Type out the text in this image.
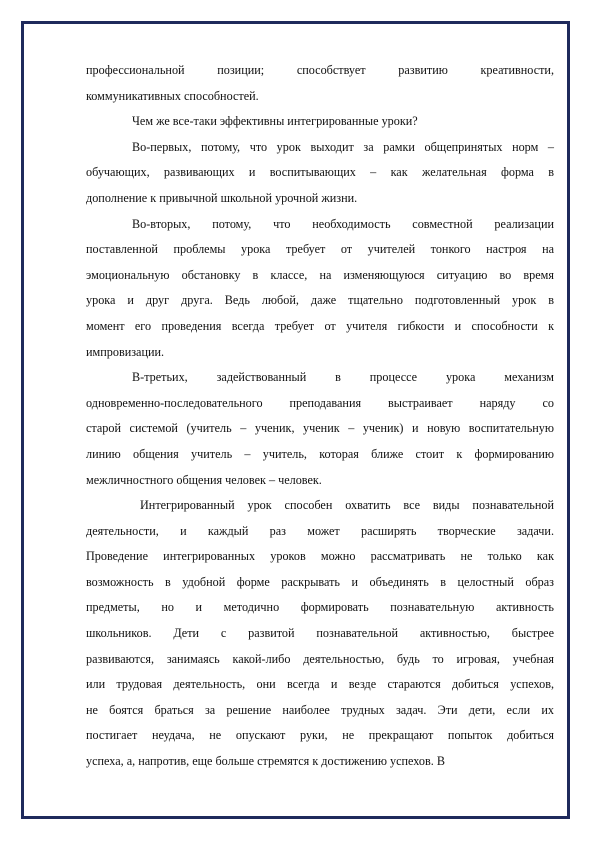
профессиональной позиции; способствует развитию креативности,
коммуникативных способностей.
Чем же все-таки эффективны интегрированные уроки?
Во-первых, потому, что урок выходит за рамки общепринятых норм –
обучающих, развивающих и воспитывающих – как желательная форма в
дополнение к привычной школьной урочной жизни.
Во-вторых, потому, что необходимость совместной реализации
поставленной проблемы урока требует от учителей тонкого настроя на
эмоциональную обстановку в классе, на изменяющуюся ситуацию во время
урока и друг друга. Ведь любой, даже тщательно подготовленный урок в
момент его проведения всегда требует от учителя гибкости и способности к
импровизации.
В-третьих, задействованный в процессе урока механизм
одновременно-последовательного преподавания выстраивает наряду со
старой системой (учитель – ученик, ученик – ученик) и новую воспитательную
линию общения учитель – учитель, которая ближе стоит к формированию
межличностного общения человек – человек.
Интегрированный урок способен охватить все виды познавательной
деятельности, и каждый раз может расширять творческие задачи.
Проведение интегрированных уроков можно рассматривать не только как
возможность в удобной форме раскрывать и объединять в целостный образ
предметы, но и методично формировать познавательную активность
школьников. Дети с развитой познавательной активностью, быстрее
развиваются, занимаясь какой-либо деятельностью, будь то игровая, учебная
или трудовая деятельность, они всегда и везде стараются добиться успехов,
не боятся браться за решение наиболее трудных задач. Эти дети, если их
постигает неудача, не опускают руки, не прекращают попыток добиться
успеха, а, напротив, еще больше стремятся к достижению успехов. В
